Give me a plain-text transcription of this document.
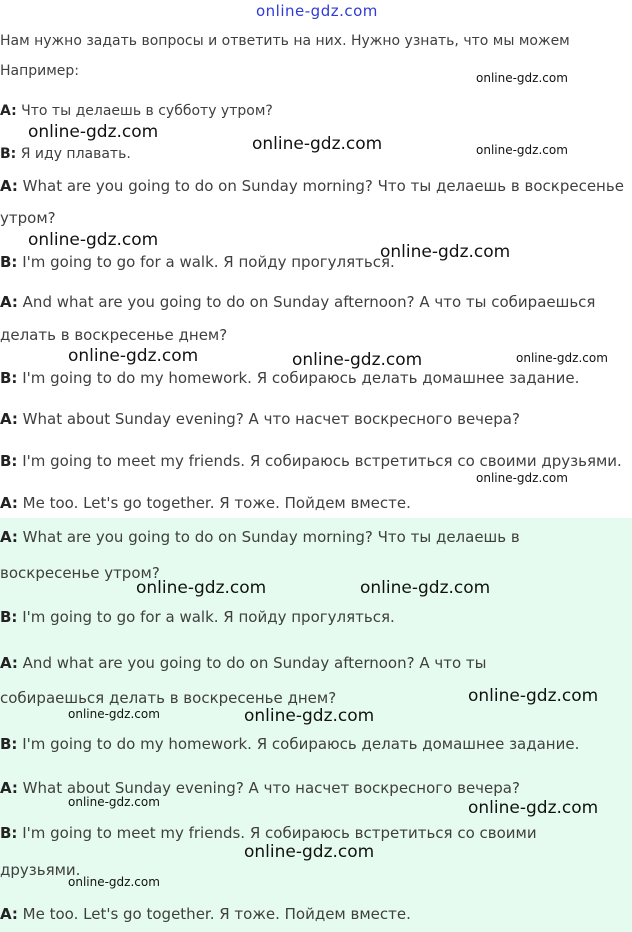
online-gdz.com
Нам нужно задать вопросы и ответить на них. Нужно узнать, что мы можем
Например:
A: Что ты делаешь в субботу утром?
B: Я иду плавать.
A: What are you going to do on Sunday morning? Что ты делаешь в воскресенье
утром?
B: I'm going to go for a walk. Я пойду прогуляться.
A: And what are you going to do on Sunday afternoon? А что ты собираешься
делать в воскресенье днем?
B: I'm going to do my homework. Я собираюсь делать домашнее задание.
A: What about Sunday evening? А что насчет воскресного вечера?
B: I'm going to meet my friends. Я собираюсь встретиться со своими друзьями.
A: Me too. Let's go together. Я тоже. Пойдем вместе.
A: What are you going to do on Sunday morning? Что ты делаешь в
воскресенье утром?
B: I'm going to go for a walk. Я пойду прогуляться.
A: And what are you going to do on Sunday afternoon? А что ты
собираешься делать в воскресенье днем?
B: I'm going to do my homework. Я собираюсь делать домашнее задание.
A: What about Sunday evening? А что насчет воскресного вечера?
B: I'm going to meet my friends. Я собираюсь встретиться со своими
друзьями.
A: Me too. Let's go together. Я тоже. Пойдем вместе.
online-gdz.com
online-gdz.com
online-gdz.com	online-gdz.com
online-gdz.com
online-gdz.com
online-gdz.com	online-gdz.com	online-gdz.com
online-gdz.com
online-gdz.com	online-gdz.com
online-gdz.com
online-gdz.com	online-gdz.com
online-gdz.com	online-gdz.com
online-gdz.com
online-gdz.com
